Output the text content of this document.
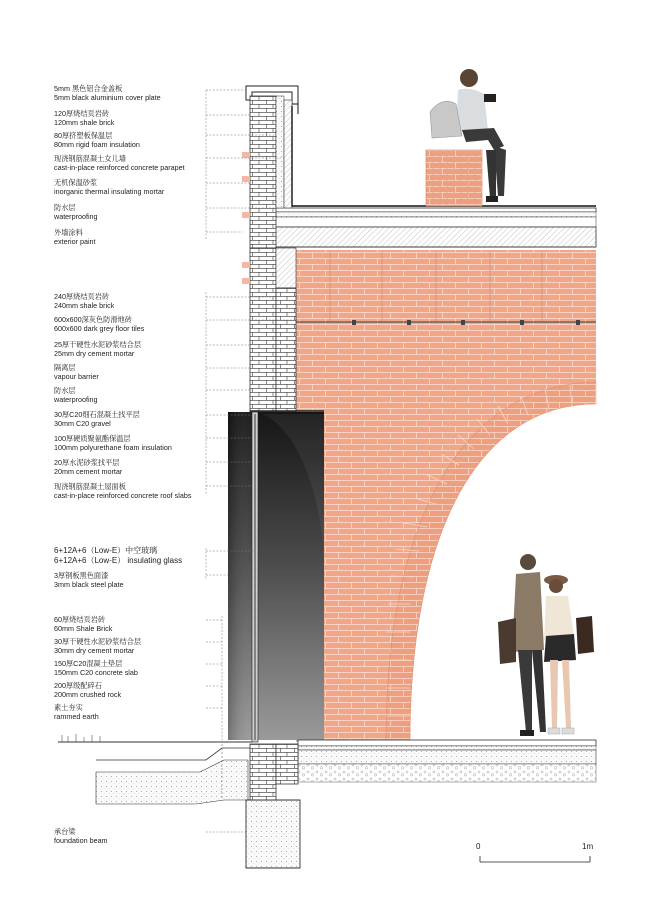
5mm 黑色铝合金盖板
5mm black aluminium cover plate
120厚烧结页岩砖
120mm shale brick
80厚挤塑板保温层
80mm rigid foam insulation
现浇钢筋混凝土女儿墙
cast-in-place reinforced concrete parapet
无机保温砂浆
inorganic thermal insulating mortar
防水层
waterproofing
外墙涂料
exterior paint
240厚烧结页岩砖
240mm shale brick
600x600深灰色防滑地砖
600x600 dark grey floor tiles
25厚干硬性水泥砂浆结合层
25mm dry cement mortar
隔离层
vapour barrier
防水层
waterproofing
30厚C20细石混凝土找平层
30mm C20 gravel
100厚硬质聚氨酯保温层
100mm polyurethane foam insulation
20厚水泥砂浆找平层
20mm cement mortar
现浇钢筋混凝土屋面板
cast-in-place reinforced concrete roof slabs
6+12A+6（Low-E）中空玻璃
6+12A+6（Low-E） insulating glass
3厚钢板黑色面漆
3mm black steel plate
60厚烧结页岩砖
60mm Shale Brick
30厚干硬性水泥砂浆结合层
30mm dry cement mortar
150厚C20混凝土垫层
150mm C20 concrete slab
200厚级配碎石
200mm crushed rock
素土夯实
rammed earth
承台梁
foundation beam
0	1m
